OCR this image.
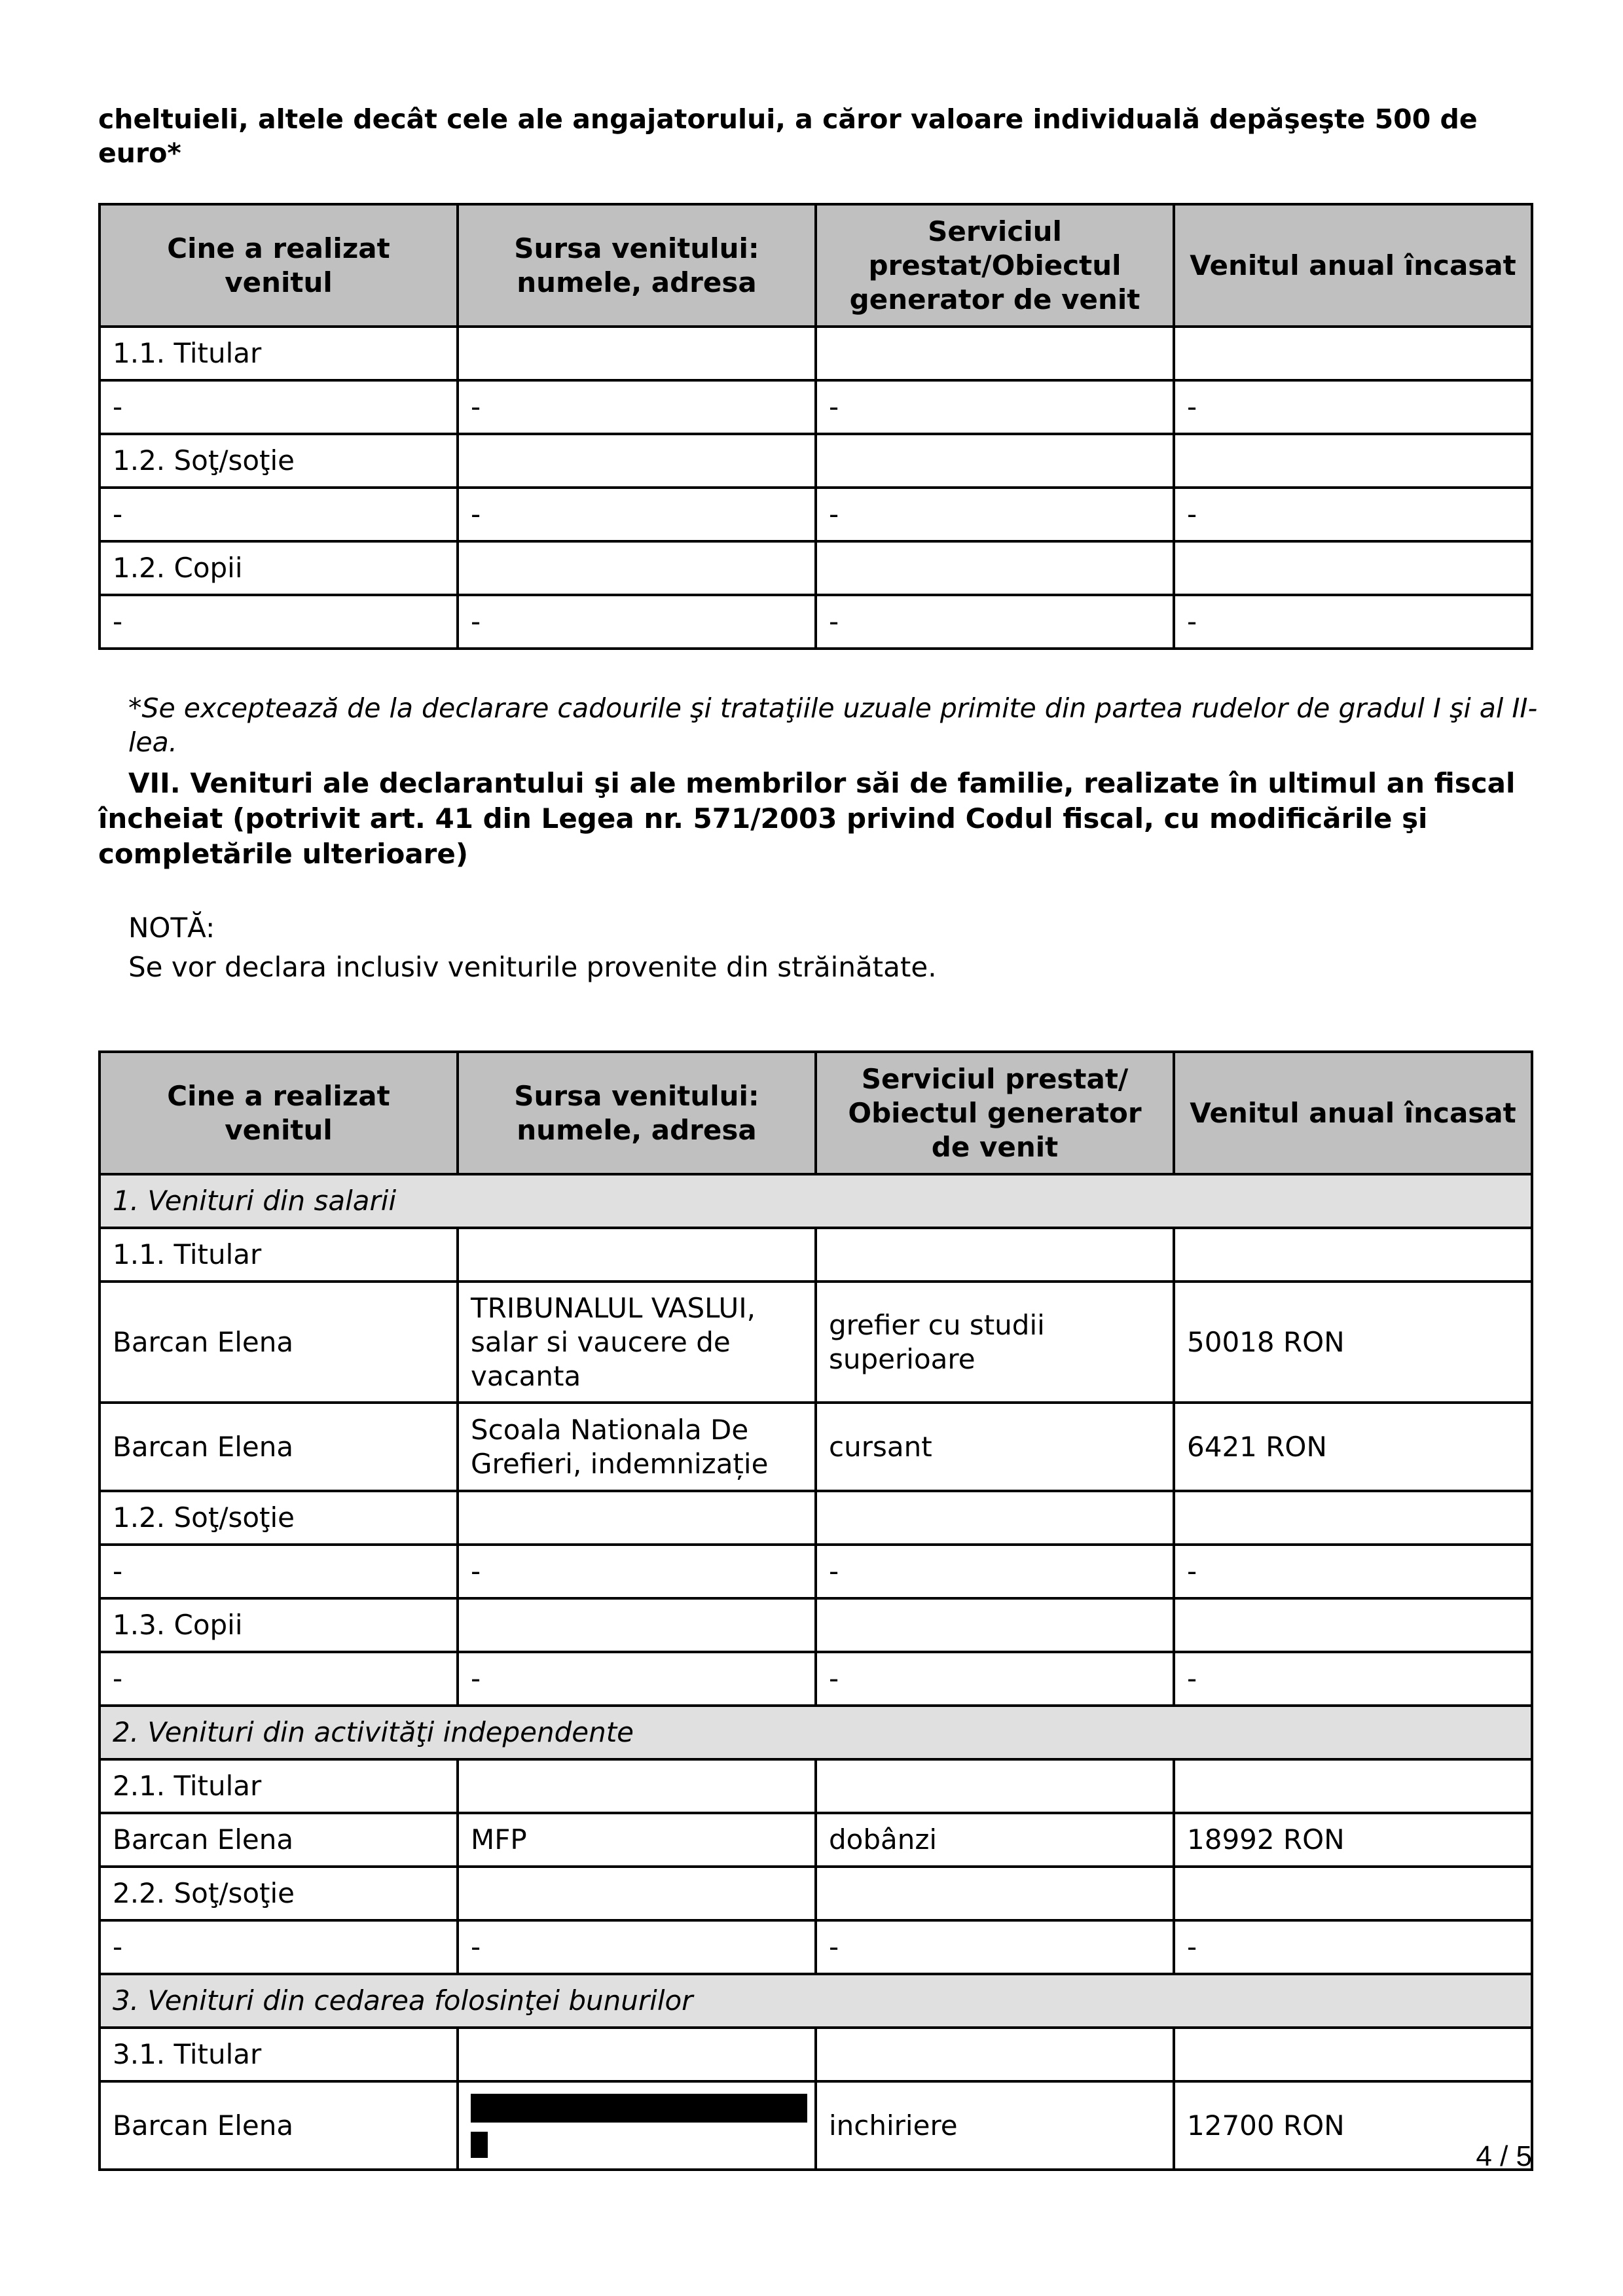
cheltuieli, altele decât cele ale angajatorului, a căror valoare individuală depăşeşte 500 de euro*
Cine a realizat venitul	Sursa venitului: numele, adresa	Serviciul prestat/Obiectul generator de venit	Venitul anual încasat
1.1. Titular			
-	-	-	-
1.2. Soţ/soţie			
-	-	-	-
1.2. Copii			
-	-	-	-
*Se exceptează de la declarare cadourile şi trataţiile uzuale primite din partea rudelor de gradul I şi al II-lea.
VII. Venituri ale declarantului şi ale membrilor săi de familie, realizate în ultimul an fiscal încheiat (potrivit art. 41 din Legea nr. 571/2003 privind Codul fiscal, cu modificările şi completările ulterioare)
NOTĂ:
Se vor declara inclusiv veniturile provenite din străinătate.
Cine a realizat venitul	Sursa venitului: numele, adresa	Serviciul prestat/ Obiectul generator de venit	Venitul anual încasat
1. Venituri din salarii			
1.1. Titular			
Barcan Elena	TRIBUNALUL VASLUI, salar si vaucere de vacanta	grefier cu studii superioare	50018 RON
Barcan Elena	Scoala Nationala De Grefieri, indemnizație	cursant	6421 RON
1.2. Soţ/soţie			
-	-	-	-
1.3. Copii			
-	-	-	-
2. Venituri din activităţi independente			
2.1. Titular			
Barcan Elena	MFP	dobânzi	18992 RON
2.2. Soţ/soţie			
-	-	-	-
3. Venituri din cedarea folosinţei bunurilor			
3.1. Titular			
Barcan Elena		inchiriere	12700 RON
4 / 5
